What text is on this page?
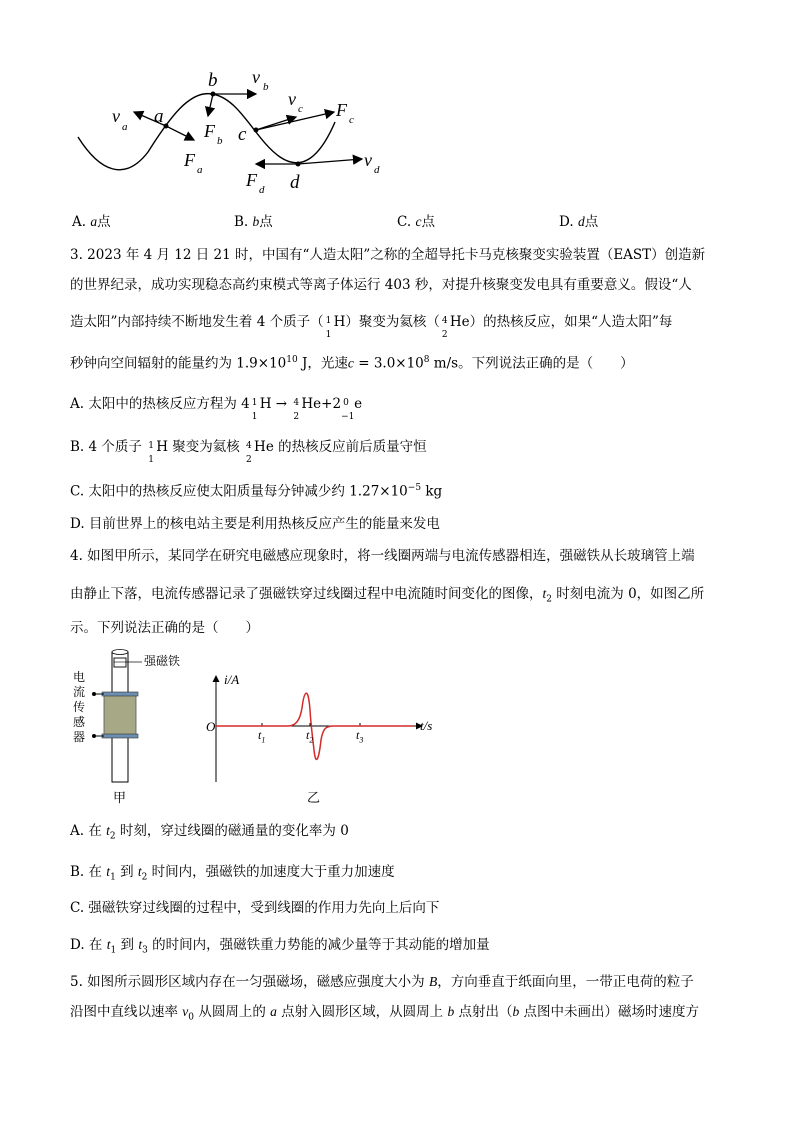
b v b
v
a a
F b
v c F c
c
F a	v d
F d d
A. a点	B. b点	C. c点	D. d点
3. 2023 年 4 月 12 日 21 时，中国有“人造太阳”之称的全超导托卡马克核聚变实验装置（EAST）创造新
的世界纪录，成功实现稳态高约束模式等离子体运行 403 秒，对提升核聚变发电具有重要意义。假设“人
造太阳”内部持续不断地发生着 4 个质子（ 1
1
H）聚变为氦核（ 4
2
He）的热核反应，如果“人造太阳”每
秒钟向空间辐射的能量约为 $1.9\times 10^{10}$ J，光速$c = 3.0\times 10^8$ m/s。下列说法正确的是（　　）
A. 太阳中的热核反应方程为 4 1
1
H → 4
2
He+2 0
−1
e
B. 4 个质子 1
1
H 聚变为氦核 4
2
He 的热核反应前后质量守恒
C. 太阳中的热核反应使太阳质量每分钟减少约 $1.27\times 10^{-5}$ kg
D. 目前世界上的核电站主要是利用热核反应产生的能量来发电
4. 如图甲所示，某同学在研究电磁感应现象时，将一线圈两端与电流传感器相连，强磁铁从长玻璃管上端
由静止下落，电流传感器记录了强磁铁穿过线圈过程中电流随时间变化的图像，$t_2$ 时刻电流为 0，如图乙所
示。下列说法正确的是（　　）
强磁铁
电
流
传
感
器
甲
i/A
t/s
O
$t_1$	$t_2$	$t_3$
乙
A. 在 $t_2$ 时刻，穿过线圈的磁通量的变化率为 0
B. 在 $t_1$ 到 $t_2$ 时间内，强磁铁的加速度大于重力加速度
C. 强磁铁穿过线圈的过程中，受到线圈的作用力先向上后向下
D. 在 $t_1$ 到 $t_3$ 的时间内，强磁铁重力势能的减少量等于其动能的增加量
5. 如图所示圆形区域内存在一匀强磁场，磁感应强度大小为 B，方向垂直于纸面向里，一带正电荷的粒子
沿图中直线以速率 $v_0$ 从圆周上的 a 点射入圆形区域，从圆周上 b 点射出（b 点图中未画出）磁场时速度方
